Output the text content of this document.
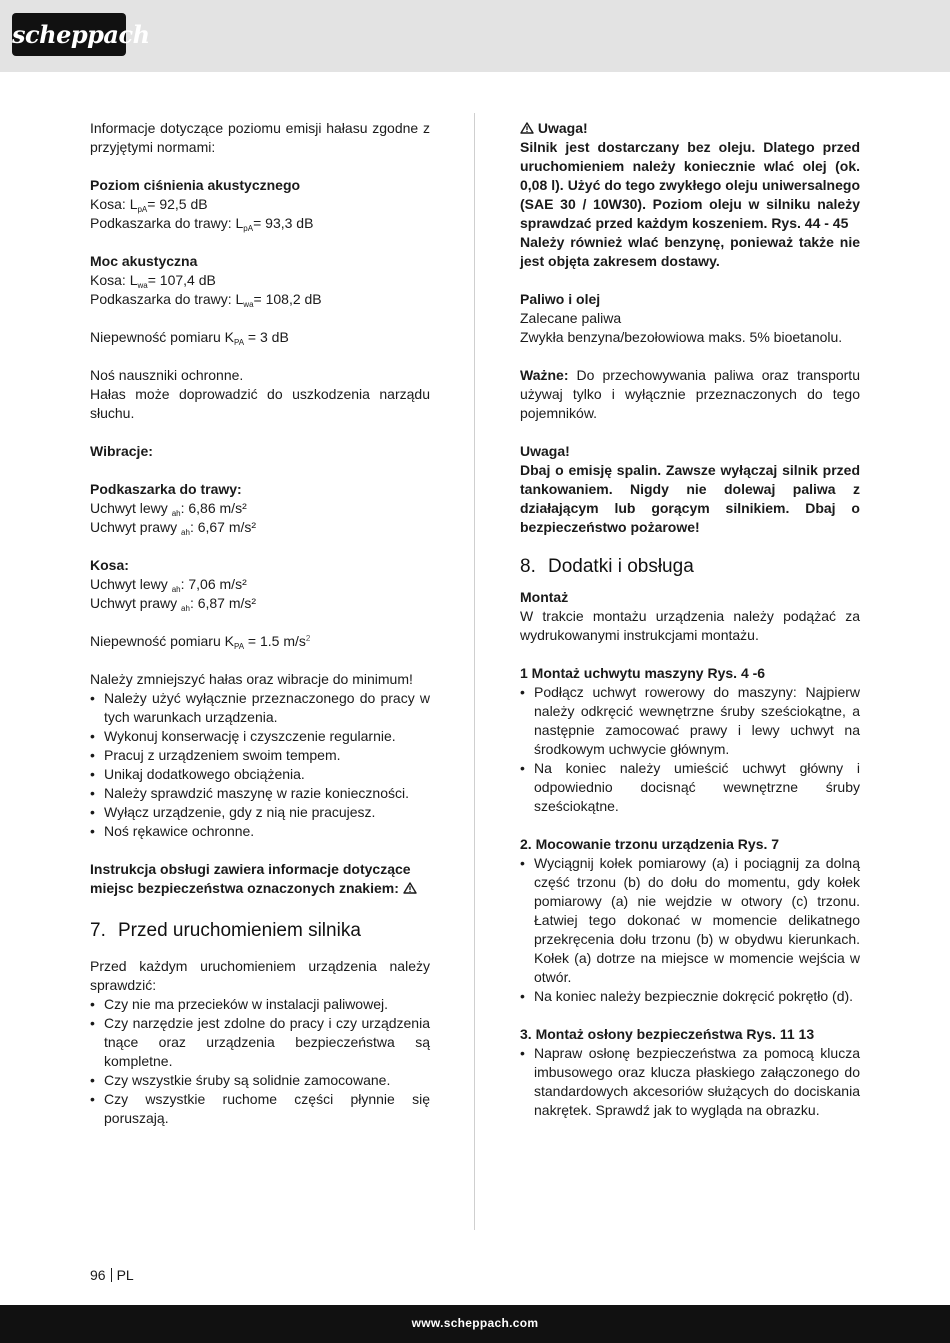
scheppach

Informacje dotyczące poziomu emisji hałasu zgodne z przyjętymi normami:

Poziom ciśnienia akustycznego

Kosa: $L_{pA}= 92,5$ dB

Podkaszarka do trawy: $L_{pA}= 93,3$ dB

Moc akustyczna

Kosa: $L_{wa}= 107,4$ dB

Podkaszarka do trawy: $L_{wa}= 108,2$ dB

Niepewność pomiaru $K_{PA} = 3$ dB

Noś nauszniki ochronne.

Hałas może doprowadzić do uszkodzenia narządu słuchu.

Wibracje:

Podkaszarka do trawy:

Uchwyt lewy $_{ah}$: 6,86 m/s²

Uchwyt prawy $_{ah}$: 6,67 m/s²

Kosa:

Uchwyt lewy $_{ah}$: 7,06 m/s²

Uchwyt prawy $_{ah}$: 6,87 m/s²

Niepewność pomiaru $K_{PA} = 1.5$ $m/s^2$

Należy zmniejszyć hałas oraz wibracje do minimum!

• Należy użyć wyłącznie przeznaczonego do pracy w tych warunkach urządzenia.
• Wykonuj konserwację i czyszczenie regularnie.
• Pracuj z urządzeniem swoim tempem.
• Unikaj dodatkowego obciążenia.
• Należy sprawdzić maszynę w razie konieczności.
• Wyłącz urządzenie, gdy z nią nie pracujesz.
• Noś rękawice ochronne.

Instrukcja obsługi zawiera informacje dotyczące miejsc bezpieczeństwa oznaczonych znakiem:

7. Przed uruchomieniem silnika

Przed każdym uruchomieniem urządzenia należy sprawdzić:

• Czy nie ma przecieków w instalacji paliwowej.
• Czy narzędzie jest zdolne do pracy i czy urządzenia tnące oraz urządzenia bezpieczeństwa są kompletne.
• Czy wszystkie śruby są solidnie zamocowane.
• Czy wszystkie ruchome części płynnie się poruszają.

Uwaga!

Silnik jest dostarczany bez oleju. Dlatego przed uruchomieniem należy koniecznie wlać olej (ok. 0,08 l). Użyć do tego zwykłego oleju uniwersalnego (SAE 30 / 10W30). Poziom oleju w silniku należy sprawdzać przed każdym koszeniem. Rys. 44 - 45

Należy również wlać benzynę, ponieważ także nie jest objęta zakresem dostawy.

Paliwo i olej

Zalecane paliwa

Zwykła benzyna/bezołowiowa maks. 5% bioetanolu.

Ważne: Do przechowywania paliwa oraz transportu używaj tylko i wyłącznie przeznaczonych do tego pojemników.

Uwaga!

Dbaj o emisję spalin. Zawsze wyłączaj silnik przed tankowaniem. Nigdy nie dolewaj paliwa z działającym lub gorącym silnikiem. Dbaj o bezpieczeństwo pożarowe!

8. Dodatki i obsługa

Montaż

W trakcie montażu urządzenia należy podążać za wydrukowanymi instrukcjami montażu.

1 Montaż uchwytu maszyny Rys. 4 -6

• Podłącz uchwyt rowerowy do maszyny: Najpierw należy odkręcić wewnętrzne śruby sześciokątne, a następnie zamocować prawy i lewy uchwyt na środkowym uchwycie głównym.
• Na koniec należy umieścić uchwyt główny i odpowiednio docisnąć wewnętrzne śruby sześciokątne.

2. Mocowanie trzonu urządzenia Rys. 7

• Wyciągnij kołek pomiarowy (a) i pociągnij za dolną część trzonu (b) do dołu do momentu, gdy kołek pomiarowy (a) nie wejdzie w otwory (c) trzonu. Łatwiej tego dokonać w momencie delikatnego przekręcenia dołu trzonu (b) w obydwu kierunkach. Kołek (a) dotrze na miejsce w momencie wejścia w otwór.
• Na koniec należy bezpiecznie dokręcić pokrętło (d).

3. Montaż osłony bezpieczeństwa Rys. 11 13

• Napraw osłonę bezpieczeństwa za pomocą klucza imbusowego oraz klucza płaskiego załączonego do standardowych akcesoriów służących do dociskania nakrętek. Sprawdź jak to wygląda na obrazku.
96 PL
www.scheppach.com
